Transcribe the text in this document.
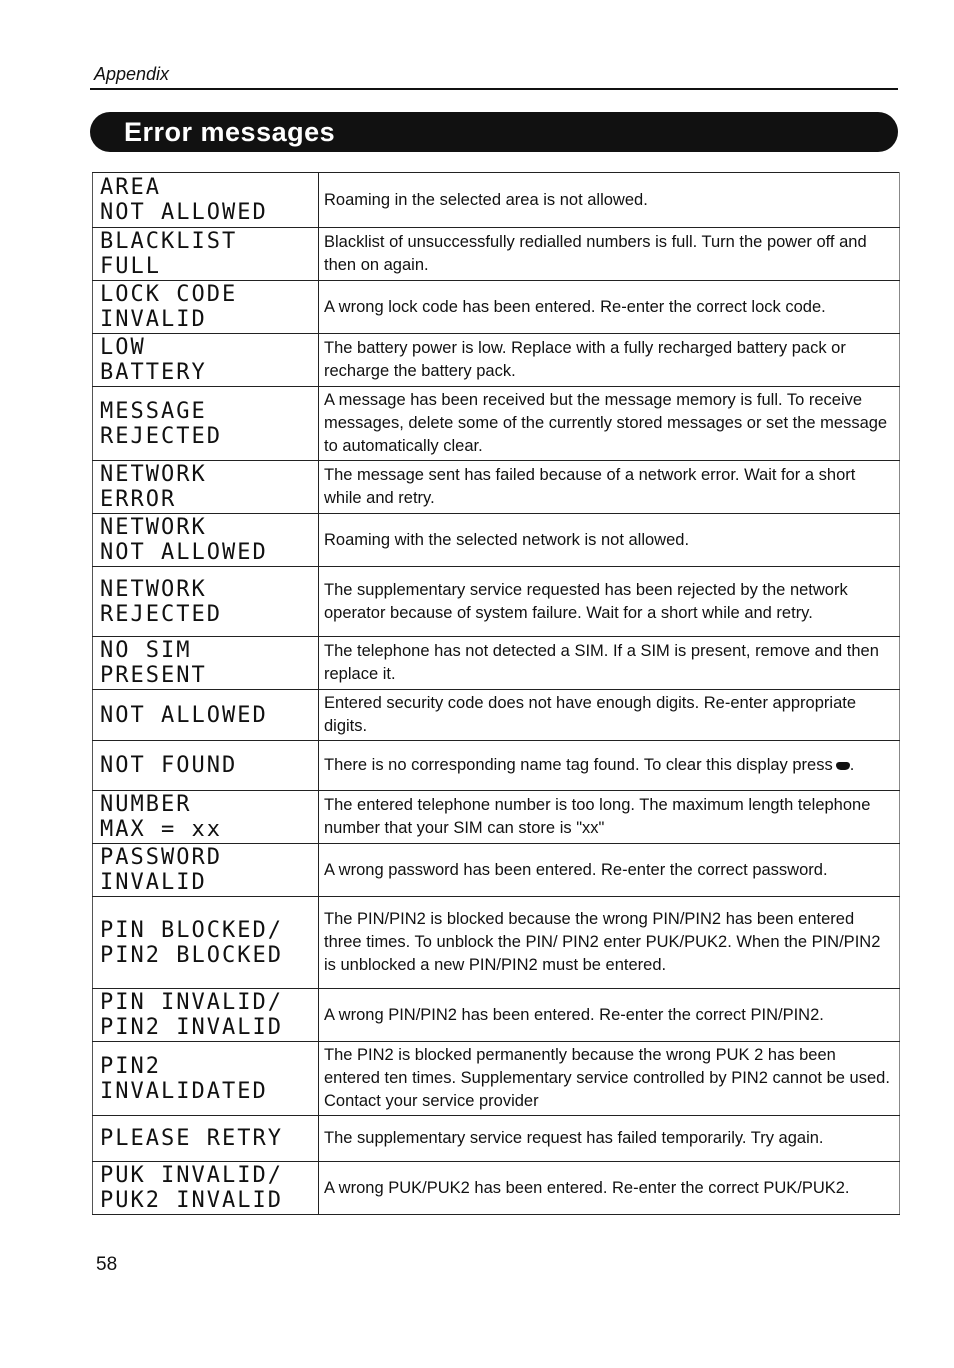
Appendix
Error messages
AREA
NOT ALLOWED	Roaming in the selected area is not allowed.

BLACKLIST
FULL	Blacklist of unsuccessfully redialled numbers is full. Turn the power off and then on again.

LOCK CODE
INVALID	A wrong lock code has been entered. Re-enter the correct lock code.

LOW
BATTERY	The battery power is low. Replace with a fully recharged battery pack or recharge the battery pack.

MESSAGE
REJECTED	A message has been received but the message memory is full. To receive messages, delete some of the currently stored messages or set the message to automatically clear.

NETWORK
ERROR	The message sent has failed because of a network error. Wait for a short while and retry.

NETWORK
NOT ALLOWED	Roaming with the selected network is not allowed.

NETWORK
REJECTED	The supplementary service requested has been rejected by the network operator because of system failure. Wait for a short while and retry.

NO SIM
PRESENT	The telephone has not detected a SIM. If a SIM is present, remove and then replace it.

NOT ALLOWED	Entered security code does not have enough digits. Re-enter appropriate digits.

NOT FOUND	There is no corresponding name tag found. To clear this display press .

NUMBER
MAX = xx	The entered telephone number is too long. The maximum length telephone number that your SIM can store is "xx"

PASSWORD
INVALID	A wrong password has been entered. Re-enter the correct password.

PIN BLOCKED/
PIN2 BLOCKED	The PIN/PIN2 is blocked because the wrong PIN/PIN2 has been entered three times. To unblock the PIN/ PIN2 enter PUK/PUK2. When the PIN/PIN2 is unblocked a new PIN/PIN2 must be entered.

PIN INVALID/
PIN2 INVALID	A wrong PIN/PIN2 has been entered. Re-enter the correct PIN/PIN2.

PIN2
INVALIDATED	The PIN2 is blocked permanently because the wrong PUK 2 has been entered ten times. Supplementary service controlled by PIN2 cannot be used. Contact your service provider

PLEASE RETRY	The supplementary service request has failed temporarily. Try again.

PUK INVALID/
PUK2 INVALID	A wrong PUK/PUK2 has been entered. Re-enter the correct PUK/PUK2.
58
